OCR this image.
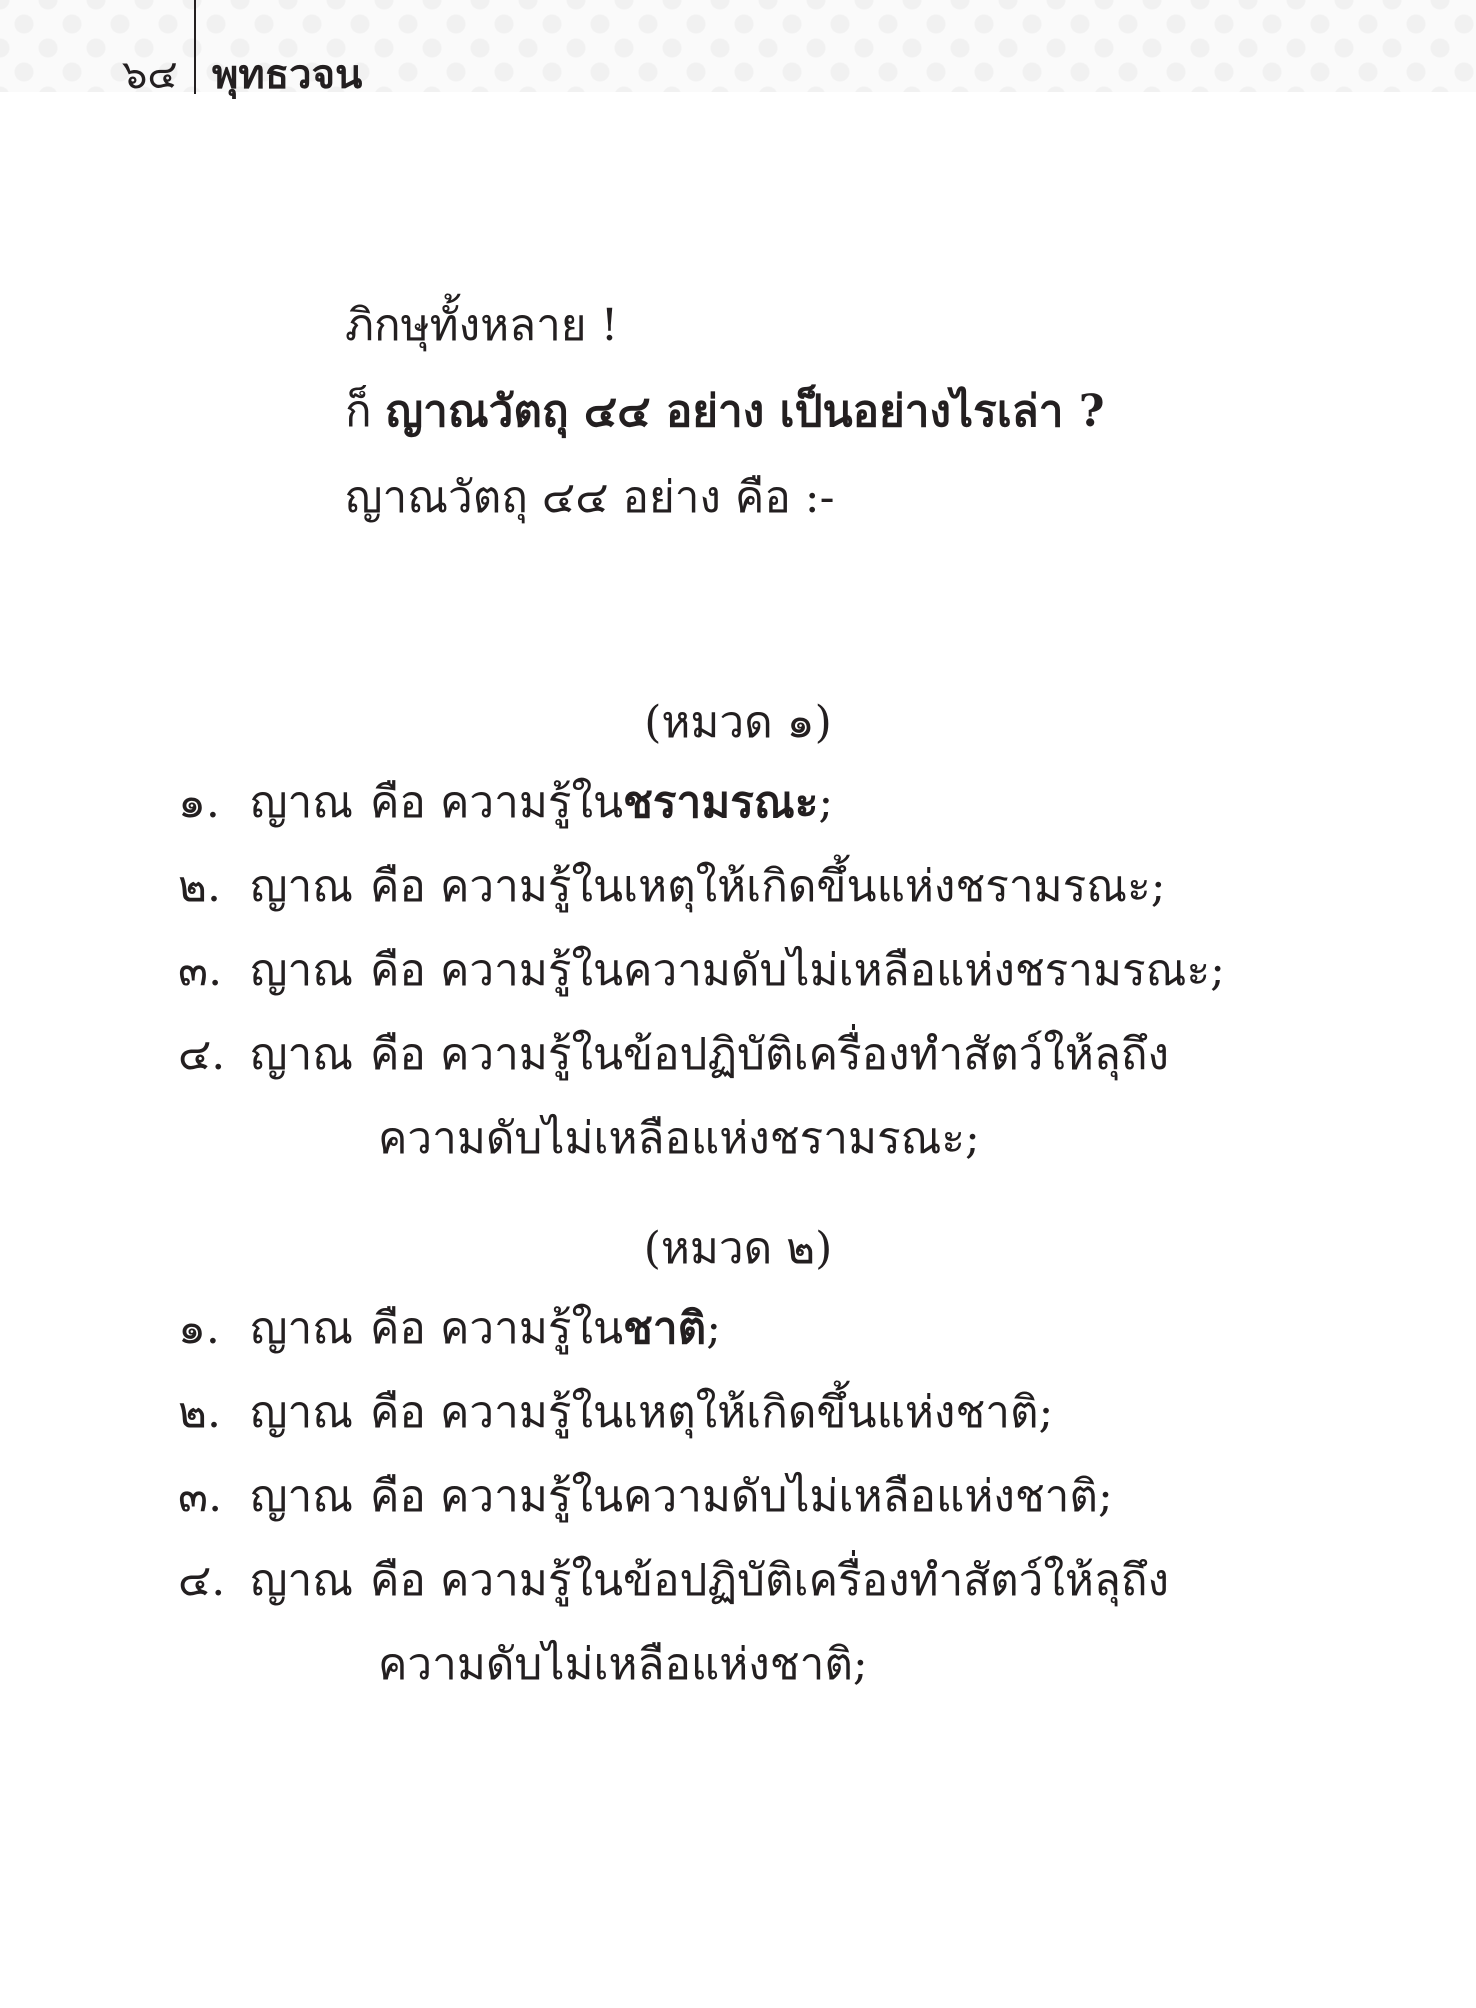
๖๔ พุทธวจน
ภิกษุทั้งหลาย !
ก็ ญาณวัตถุ ๔๔ อย่าง เป็นอย่างไรเล่า ?
ญาณวัตถุ ๔๔ อย่าง คือ :-
(หมวด ๑)
๑. ญาณ คือ ความรู้ในชรามรณะ;
๒. ญาณ คือ ความรู้ในเหตุให้เกิดขึ้นแห่งชรามรณะ;
๓. ญาณ คือ ความรู้ในความดับไม่เหลือแห่งชรามรณะ;
๔. ญาณ คือ ความรู้ในข้อปฏิบัติเครื่องทำสัตว์ให้ลุถึง
ความดับไม่เหลือแห่งชรามรณะ;
(หมวด ๒)
๑. ญาณ คือ ความรู้ในชาติ;
๒. ญาณ คือ ความรู้ในเหตุให้เกิดขึ้นแห่งชาติ;
๓. ญาณ คือ ความรู้ในความดับไม่เหลือแห่งชาติ;
๔. ญาณ คือ ความรู้ในข้อปฏิบัติเครื่องทำสัตว์ให้ลุถึง
ความดับไม่เหลือแห่งชาติ;
